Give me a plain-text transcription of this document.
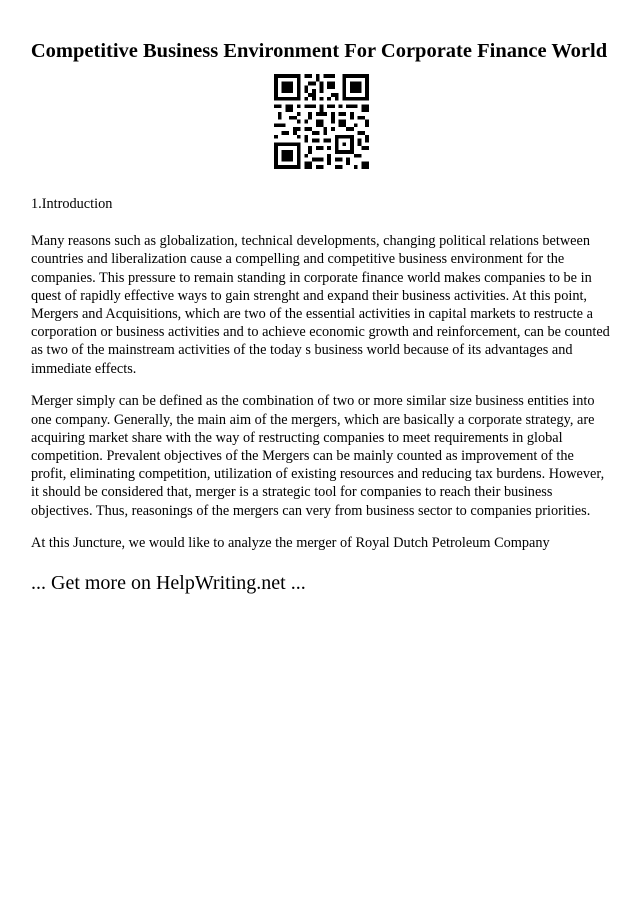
Competitive Business Environment For Corporate Finance World

1.Introduction

Many reasons such as globalization, technical developments, changing political relations between countries and liberalization cause a compelling and competitive business environment for the companies. This pressure to remain standing in corporate finance world makes companies to be in quest of rapidly effective ways to gain strenght and expand their business activities. At this point, Mergers and Acquisitions, which are two of the essential activities in capital markets to restructe a corporation or business activities and to achieve economic growth and reinforcement, can be counted as two of the mainstream activities of the today s business world because of its advantages and immediate effects.

Merger simply can be defined as the combination of two or more similar size business entities into one company. Generally, the main aim of the mergers, which are basically a corporate strategy, are acquiring market share with the way of restructing companies to meet requirements in global competition. Prevalent objectives of the Mergers can be mainly counted as improvement of the profit, eliminating competition, utilization of existing resources and reducing tax burdens. However, it should be considered that, merger is a strategic tool for companies to reach their business objectives. Thus, reasonings of the mergers can very from business sector to companies priorities.

At this Juncture, we would like to analyze the merger of Royal Dutch Petroleum Company

... Get more on HelpWriting.net ...
